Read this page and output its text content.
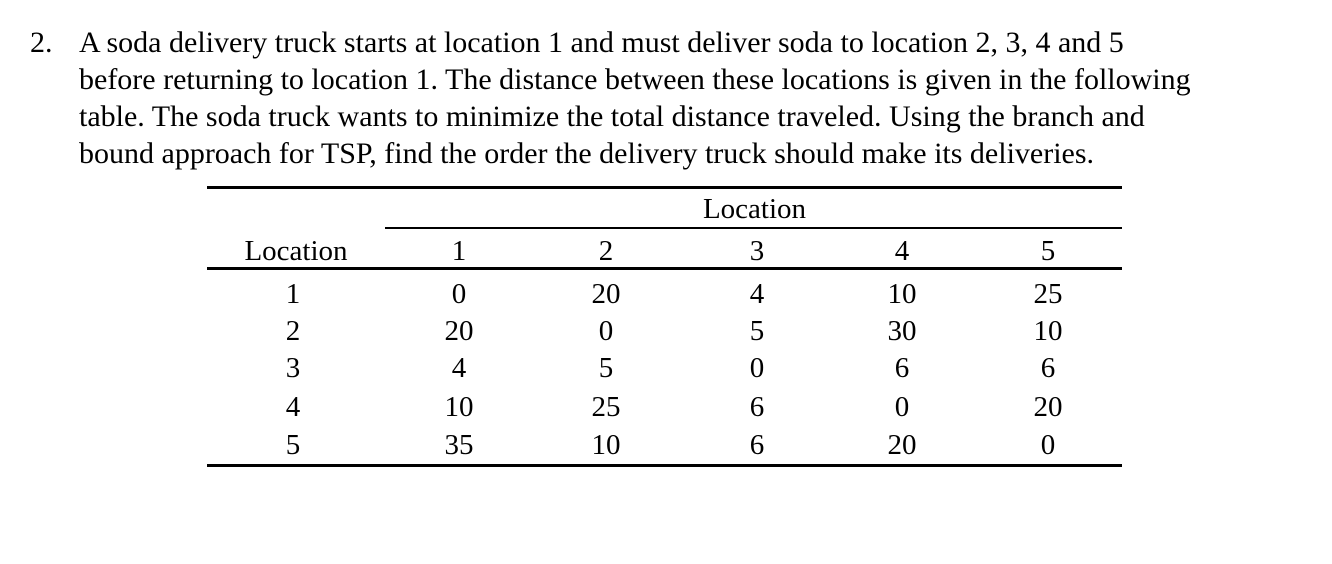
2. A soda delivery truck starts at location 1 and must deliver soda to location 2, 3, 4 and 5
before returning to location 1. The distance between these locations is given in the following
table. The soda truck wants to minimize the total distance traveled. Using the branch and
bound approach for TSP, find the order the delivery truck should make its deliveries.
Location
Location	1	2	3	4	5
1	0	20	4	10	25
2	20	0	5	30	10
3	4	5	0	6	6
4	10	25	6	0	20
5	35	10	6	20	0
